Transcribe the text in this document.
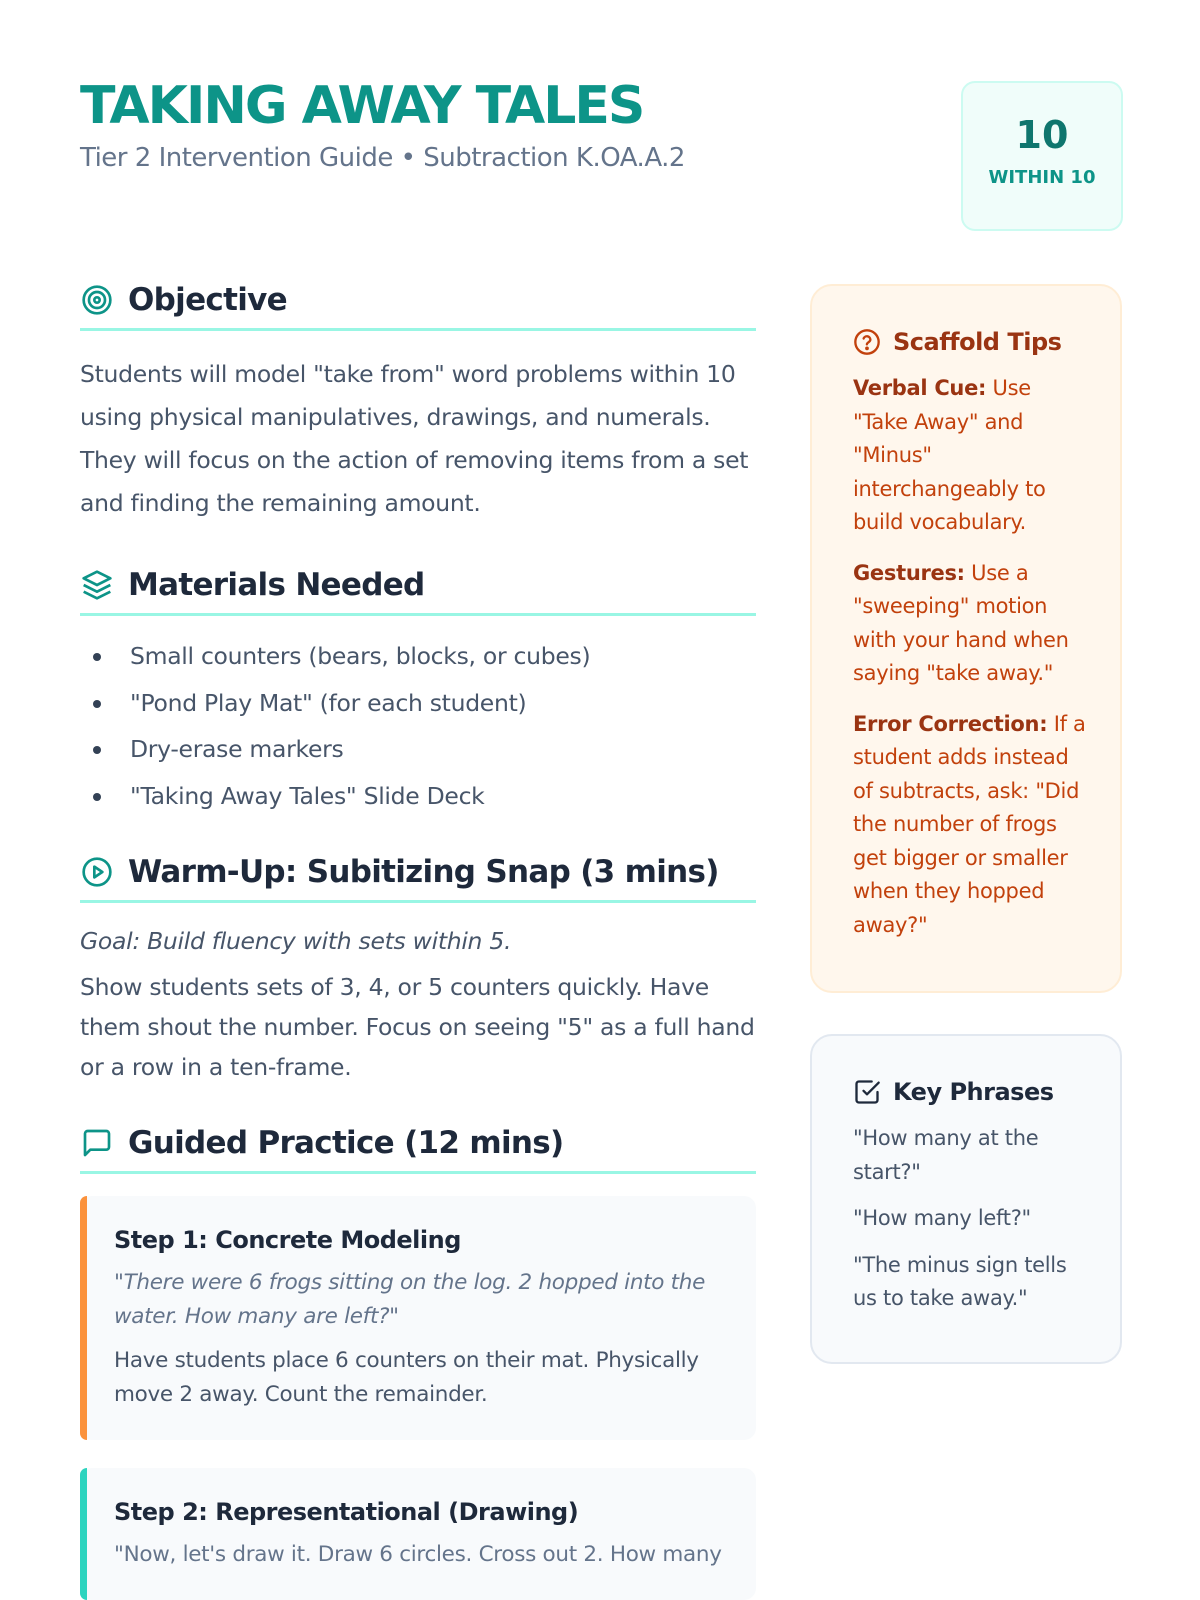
TAKING AWAY TALES
Tier 2 Intervention Guide • Subtraction K.OA.A.2
10
WITHIN 10
Objective

Students will model "take from" word problems within 10 using physical manipulatives, drawings, and numerals. They will focus on the action of removing items from a set and finding the remaining amount.

Materials Needed
Small counters (bears, blocks, or cubes)
"Pond Play Mat" (for each student)
Dry-erase markers
"Taking Away Tales" Slide Deck
Warm-Up: Subitizing Snap (3 mins)

Goal: Build fluency with sets within 5.

Show students sets of 3, 4, or 5 counters quickly. Have them shout the number. Focus on seeing "5" as a full hand or a row in a ten-frame.

Guided Practice (12 mins)
Step 1: Concrete Modeling

"There were 6 frogs sitting on the log. 2 hopped into the water. How many are left?"

Have students place 6 counters on their mat. Physically move 2 away. Count the remainder.

Step 2: Representational (Drawing)

"Now, let's draw it. Draw 6 circles. Cross out 2. How many

Scaffold Tips

Verbal Cue: Use "Take Away" and "Minus" interchangeably to build vocabulary.

Gestures: Use a "sweeping" motion with your hand when saying "take away."

Error Correction: If a student adds instead of subtracts, ask: "Did the number of frogs get bigger or smaller when they hopped away?"

Key Phrases

"How many at the start?"

"How many left?"

"The minus sign tells us to take away."
